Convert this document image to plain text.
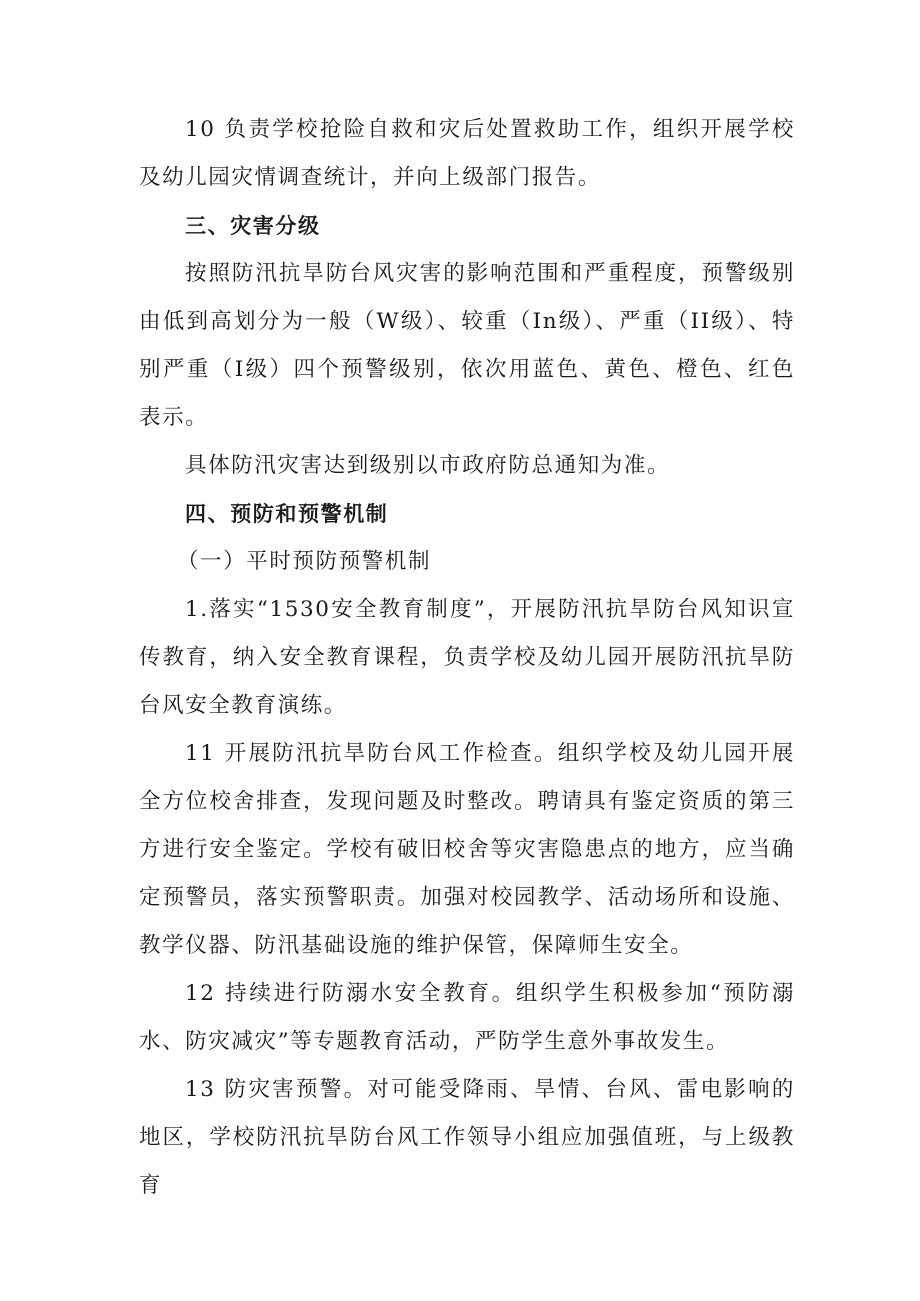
10 负责学校抢险自救和灾后处置救助工作，组织开展学校及幼儿园灾情调查统计，并向上级部门报告。

三、灾害分级

按照防汛抗旱防台风灾害的影响范围和严重程度，预警级别由低到高划分为一般（W级）、较重（In级）、严重（II级）、特别严重（I级）四个预警级别，依次用蓝色、黄色、橙色、红色表示。

具体防汛灾害达到级别以市政府防总通知为准。

四、预防和预警机制

（一）平时预防预警机制

1.落实“1530安全教育制度”，开展防汛抗旱防台风知识宣传教育，纳入安全教育课程，负责学校及幼儿园开展防汛抗旱防台风安全教育演练。

11 开展防汛抗旱防台风工作检查。组织学校及幼儿园开展全方位校舍排查，发现问题及时整改。聘请具有鉴定资质的第三方进行安全鉴定。学校有破旧校舍等灾害隐患点的地方，应当确定预警员，落实预警职责。加强对校园教学、活动场所和设施、教学仪器、防汛基础设施的维护保管，保障师生安全。

12 持续进行防溺水安全教育。组织学生积极参加“预防溺水、防灾减灾”等专题教育活动，严防学生意外事故发生。

13 防灾害预警。对可能受降雨、旱情、台风、雷电影响的地区，学校防汛抗旱防台风工作领导小组应加强值班，与上级教育
